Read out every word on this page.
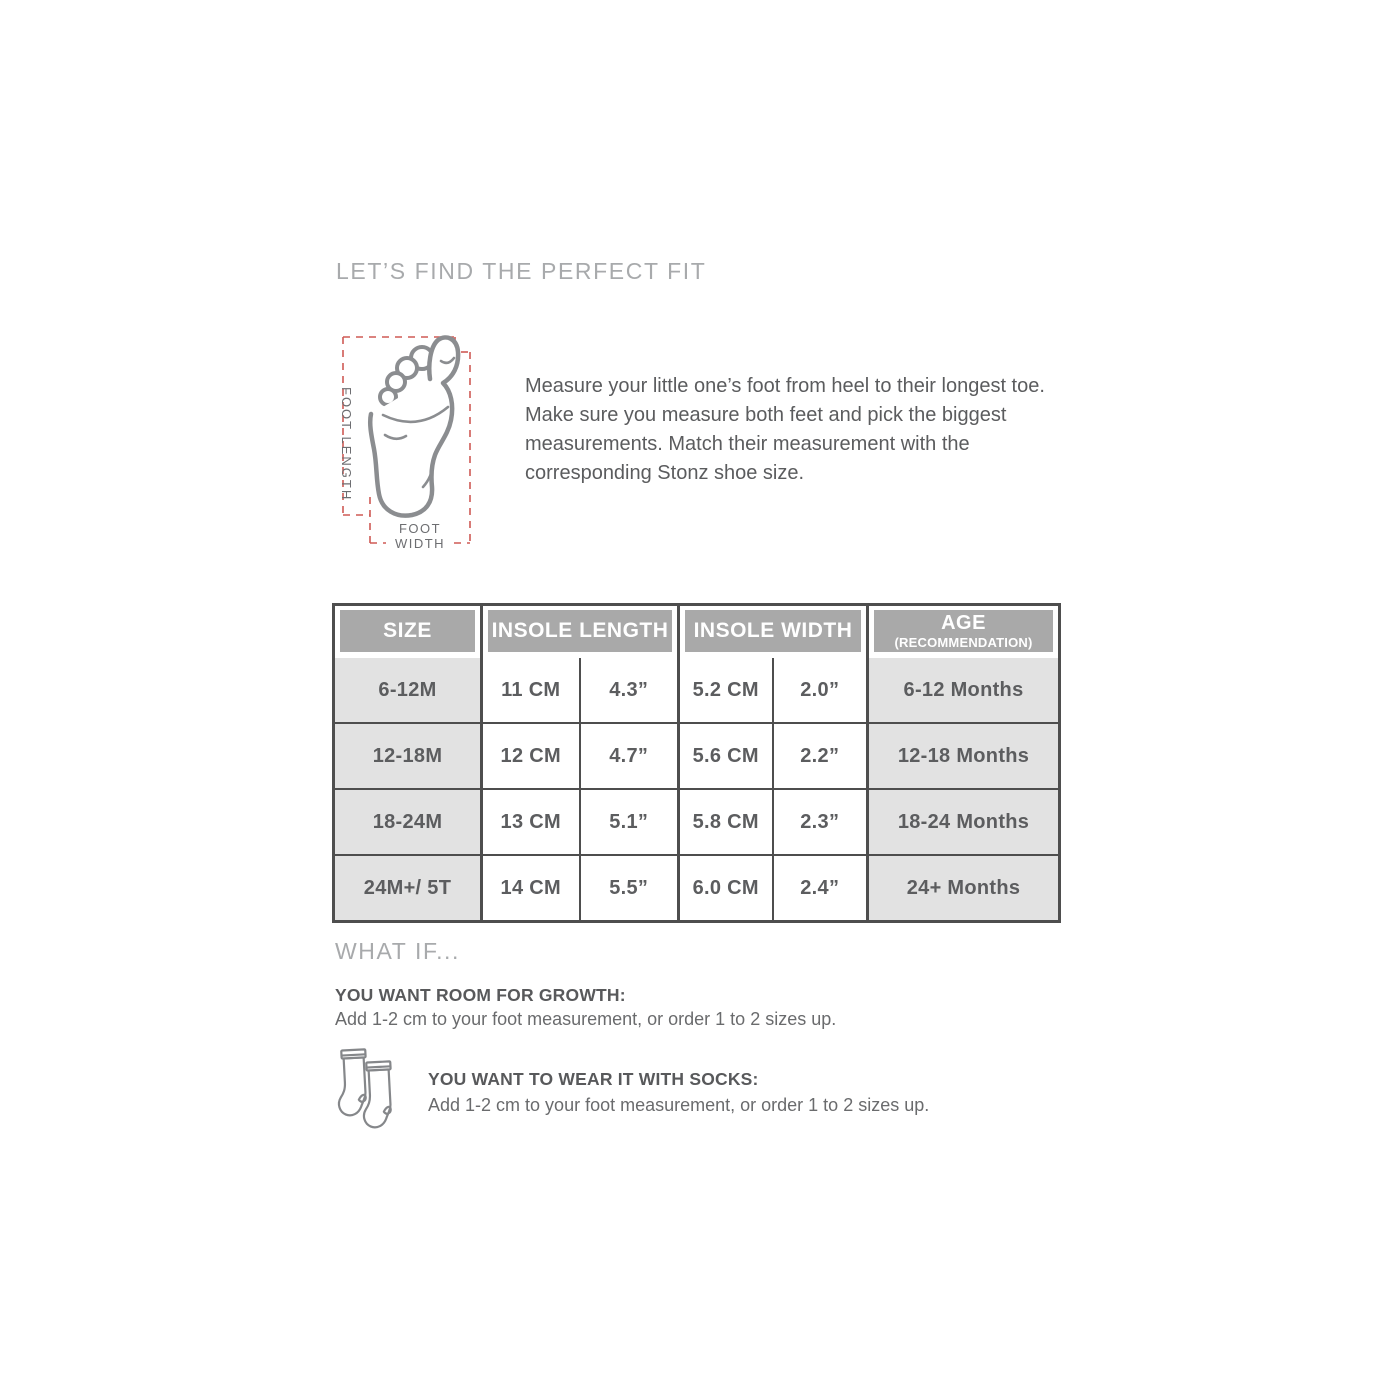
LET’S FIND THE PERFECT FIT
FOOT LENGTH
FOOT
WIDTH

Measure your little one’s foot from heel to their longest toe. Make sure you measure both feet and pick the biggest measurements. Match their measurement with the corresponding Stonz shoe size.

SIZE	INSOLE LENGTH		INSOLE WIDTH		AGE
(RECOMMENDATION)

6-12M	11 CM	4.3”	5.2 CM	2.0”	6-12 Months
12-18M	12 CM	4.7”	5.6 CM	2.2”	12-18 Months
18-24M	13 CM	5.1”	5.8 CM	2.3”	18-24 Months
24M+/ 5T	14 CM	5.5”	6.0 CM	2.4”	24+ Months
WHAT IF...
YOU WANT ROOM FOR GROWTH:
Add 1-2 cm to your foot measurement, or order 1 to 2 sizes up.
YOU WANT TO WEAR IT WITH SOCKS:
Add 1-2 cm to your foot measurement, or order 1 to 2 sizes up.
